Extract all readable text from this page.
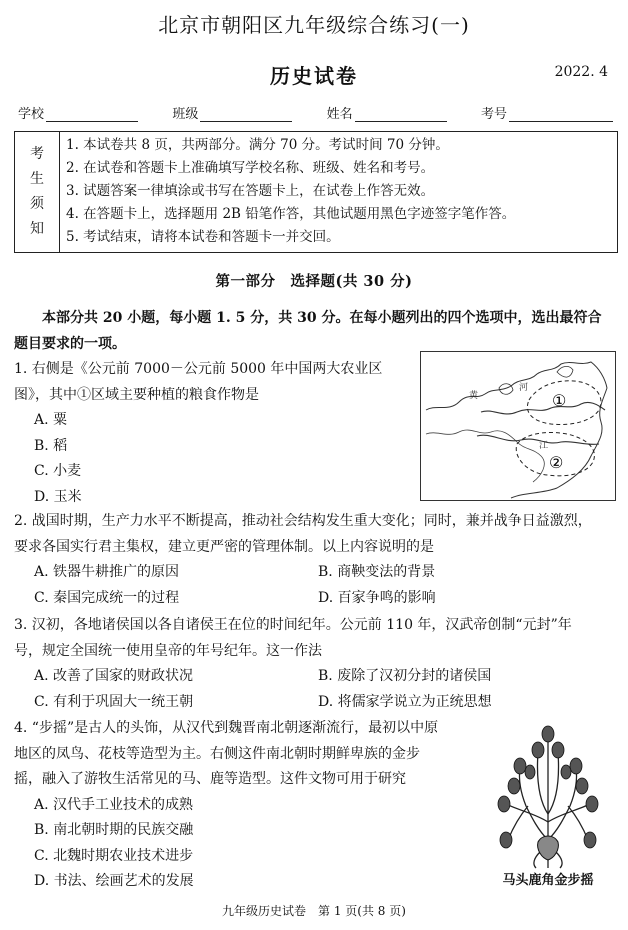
北京市朝阳区九年级综合练习(一)
历史试卷	2022. 4
学校	班级	姓名	考号
考
生
须
知
1. 本试卷共 8 页，共两部分。满分 70 分。考试时间 70 分钟。
2. 在试卷和答题卡上准确填写学校名称、班级、姓名和考号。
3. 试题答案一律填涂或书写在答题卡上，在试卷上作答无效。
4. 在答题卡上，选择题用 2B 铅笔作答，其他试题用黑色字迹签字笔作答。
5. 考试结束，请将本试卷和答题卡一并交回。
第一部分　选择题(共 30 分)
本部分共 20 小题，每小题 1. 5 分，共 30 分。在每小题列出的四个选项中，选出最符合
题目要求的一项。
1. 右侧是《公元前 7000－公元前 5000 年中国两大农业区
图》，其中①区域主要种植的粮食作物是
A. 粟
B. 稻
C. 小麦
D. 玉米
①
②
河
黄
江
2. 战国时期，生产力水平不断提高，推动社会结构发生重大变化；同时，兼并战争日益激烈，
要求各国实行君主集权，建立更严密的管理体制。以上内容说明的是
A. 铁器牛耕推广的原因	B. 商鞅变法的背景
C. 秦国完成统一的过程	D. 百家争鸣的影响
3. 汉初，各地诸侯国以各自诸侯王在位的时间纪年。公元前 110 年，汉武帝创制“元封”年
号，规定全国统一使用皇帝的年号纪年。这一作法
A. 改善了国家的财政状况	B. 废除了汉初分封的诸侯国
C. 有利于巩固大一统王朝	D. 将儒家学说立为正统思想
4. “步摇”是古人的头饰，从汉代到魏晋南北朝逐渐流行，最初以中原
地区的凤鸟、花枝等造型为主。右侧这件南北朝时期鲜卑族的金步
摇，融入了游牧生活常见的马、鹿等造型。这件文物可用于研究
A. 汉代手工业技术的成熟
B. 南北朝时期的民族交融
C. 北魏时期农业技术进步
D. 书法、绘画艺术的发展	马头鹿角金步摇
九年级历史试卷　第 1 页(共 8 页)
